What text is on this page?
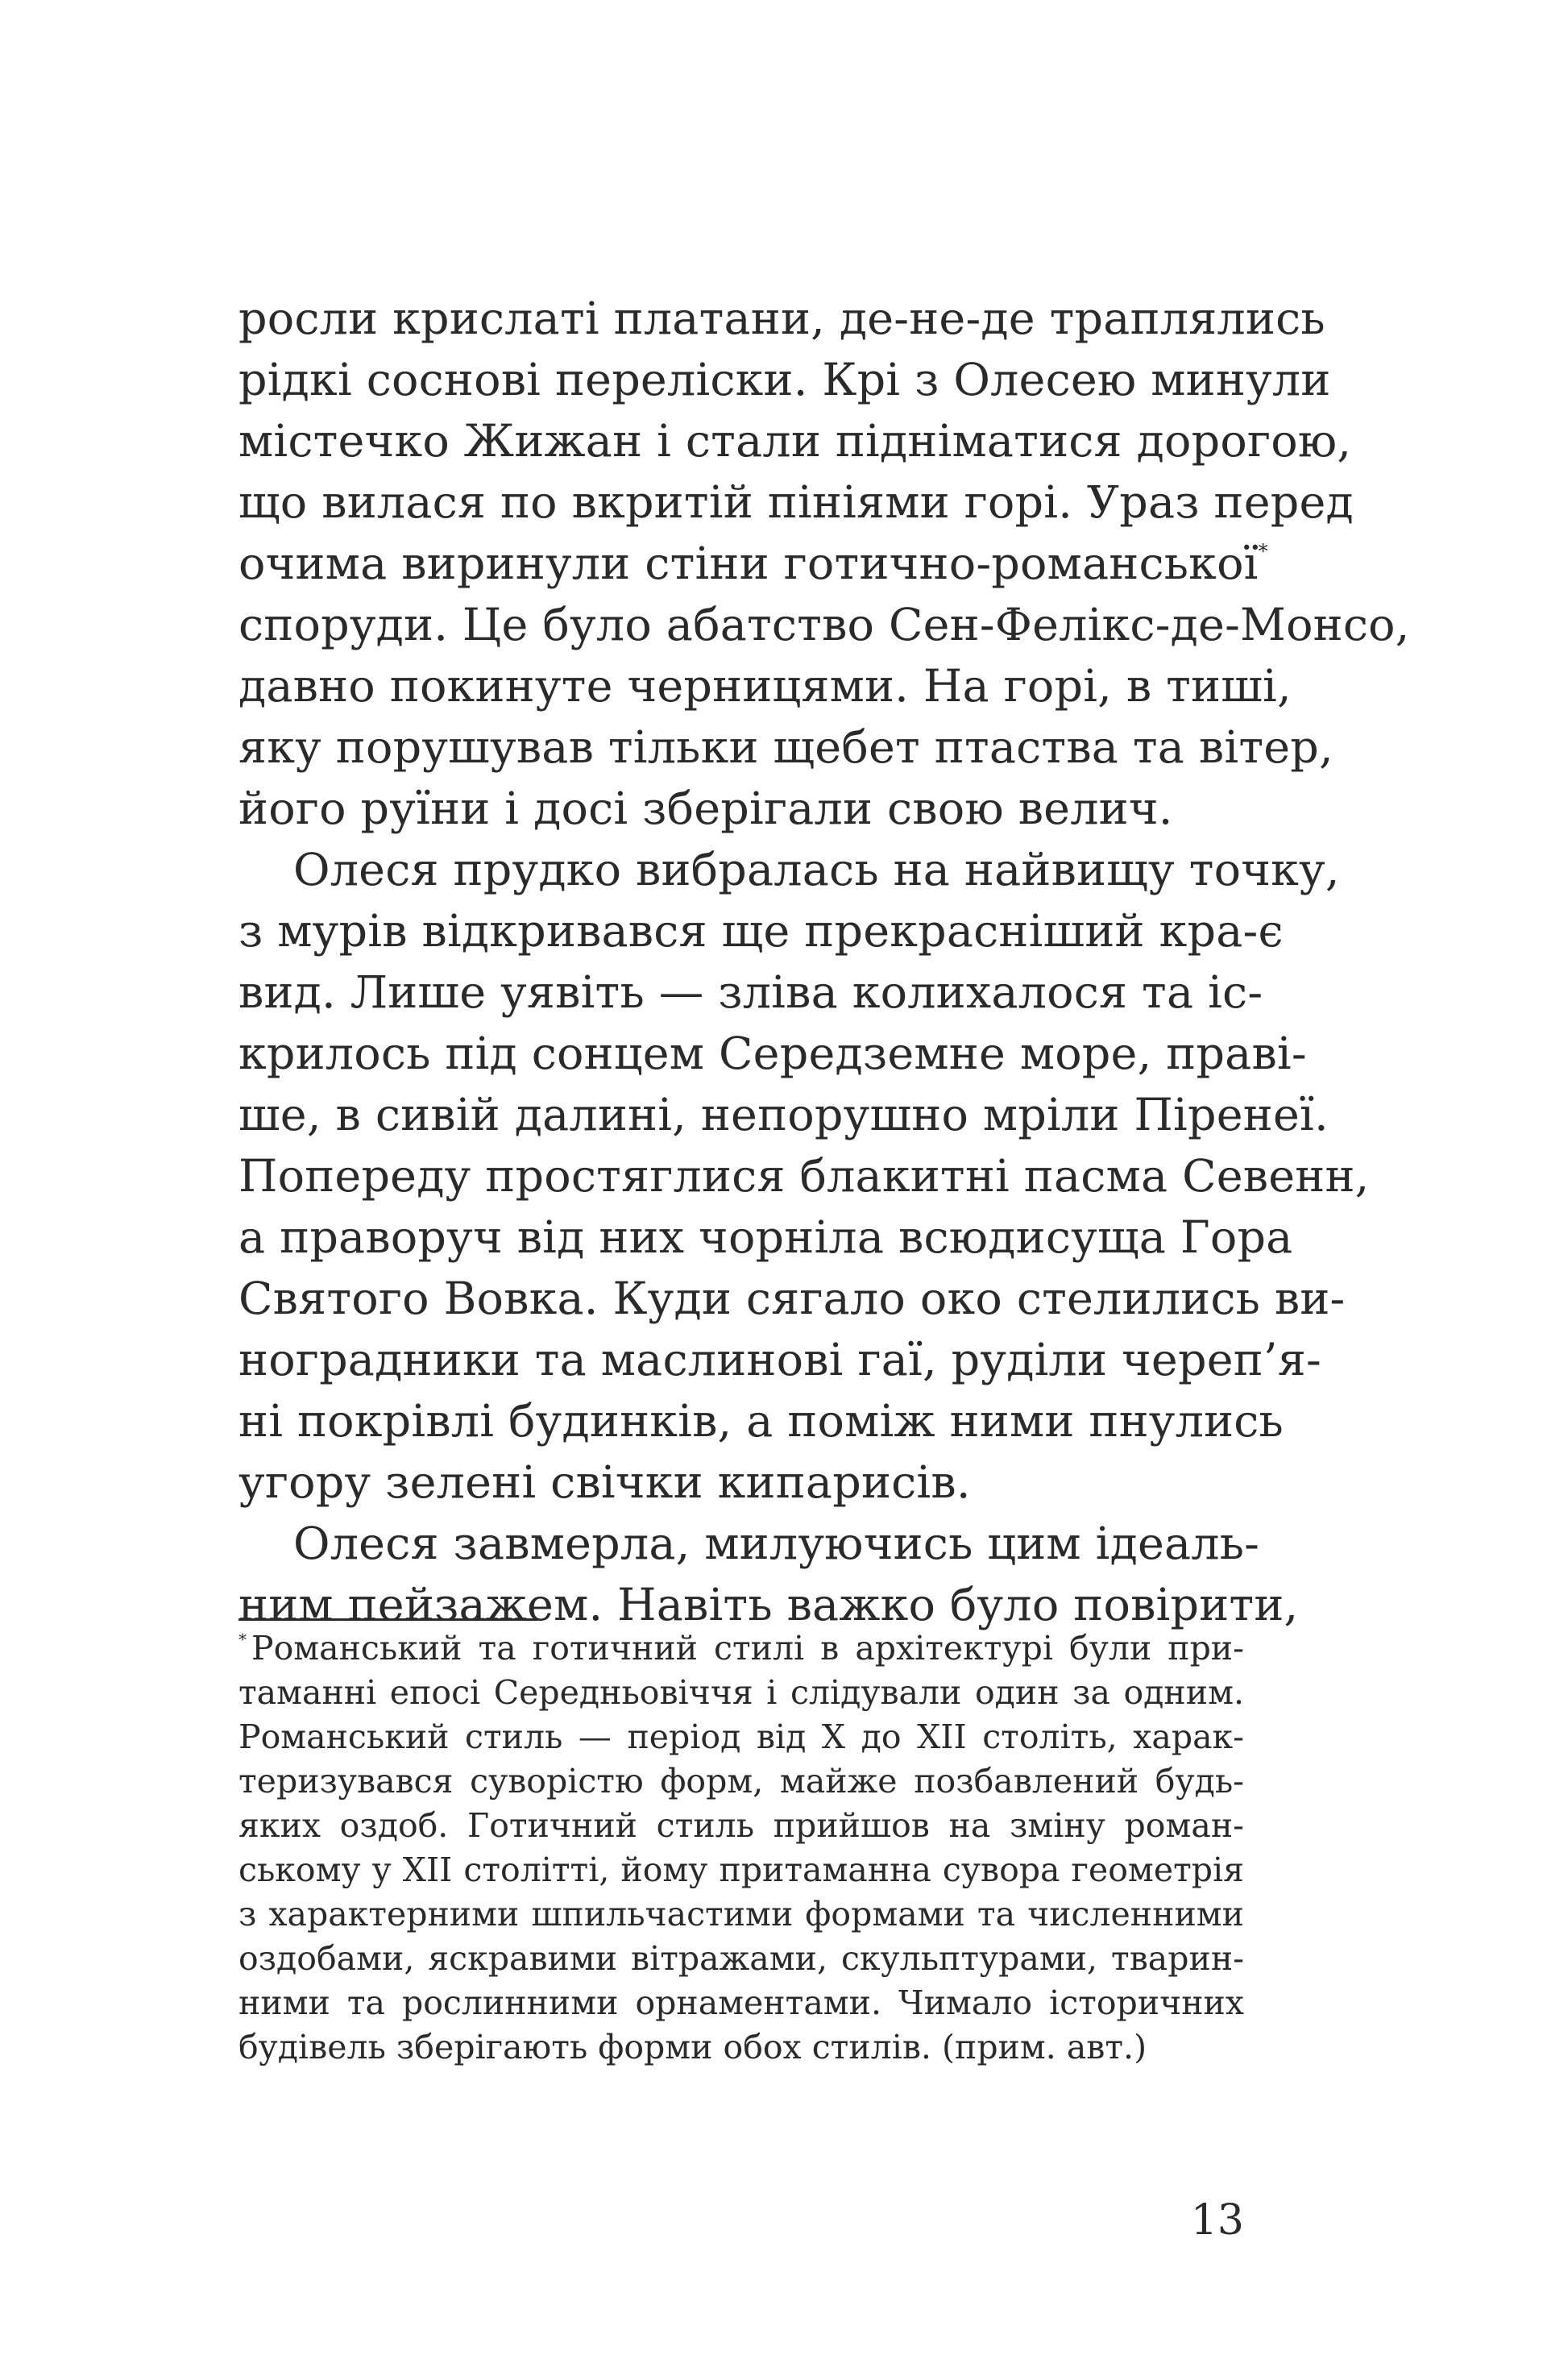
росли крислаті платани, де-не-де траплялись
рідкі соснові переліски. Крі з Олесею минули
містечко Жижан і стали підніматися дорогою,
що вилася по вкритій пініями горі. Ураз перед
очима виринули стіни готично-романської*
споруди. Це було абатство Сен-Фелікс-де-Монсо,
давно покинуте черницями. На горі, в тиші,
яку порушував тільки щебет птаства та вітер,
його руїни і досі зберігали свою велич.
Олеся прудко вибралась на найвищу точку,
з мурів відкривався ще прекрасніший кра-є
вид. Лише уявіть — зліва колихалося та іс-
крилось під сонцем Середземне море, праві-
ше, в сивій далині, непорушно мріли Піренеї.
Попереду простяглися блакитні пасма Севенн,
а праворуч від них чорніла всюдисуща Гора
Святого Вовка. Куди сягало око стелились ви-
ноградники та маслинові гаї, руділи череп’я-
ні покрівлі будинків, а поміж ними пнулись
угору зелені свічки кипарисів.
Олеся завмерла, милуючись цим ідеаль-
ним пейзажем. Навіть важко було повірити,
* Романський та готичний стилі в архітектурі були при-
таманні епосі Середньовіччя і слідували один за одним.
Романський стиль — період від X до XII століть, харак-
теризувався суворістю форм, майже позбавлений будь-
яких оздоб. Готичний стиль прийшов на зміну роман-
ському у XII столітті, йому притаманна сувора геометрія
з характерними шпильчастими формами та численними
оздобами, яскравими вітражами, скульптурами, тварин-
ними та рослинними орнаментами. Чимало історичних
будівель зберігають форми обох стилів. (прим. авт.)
13
